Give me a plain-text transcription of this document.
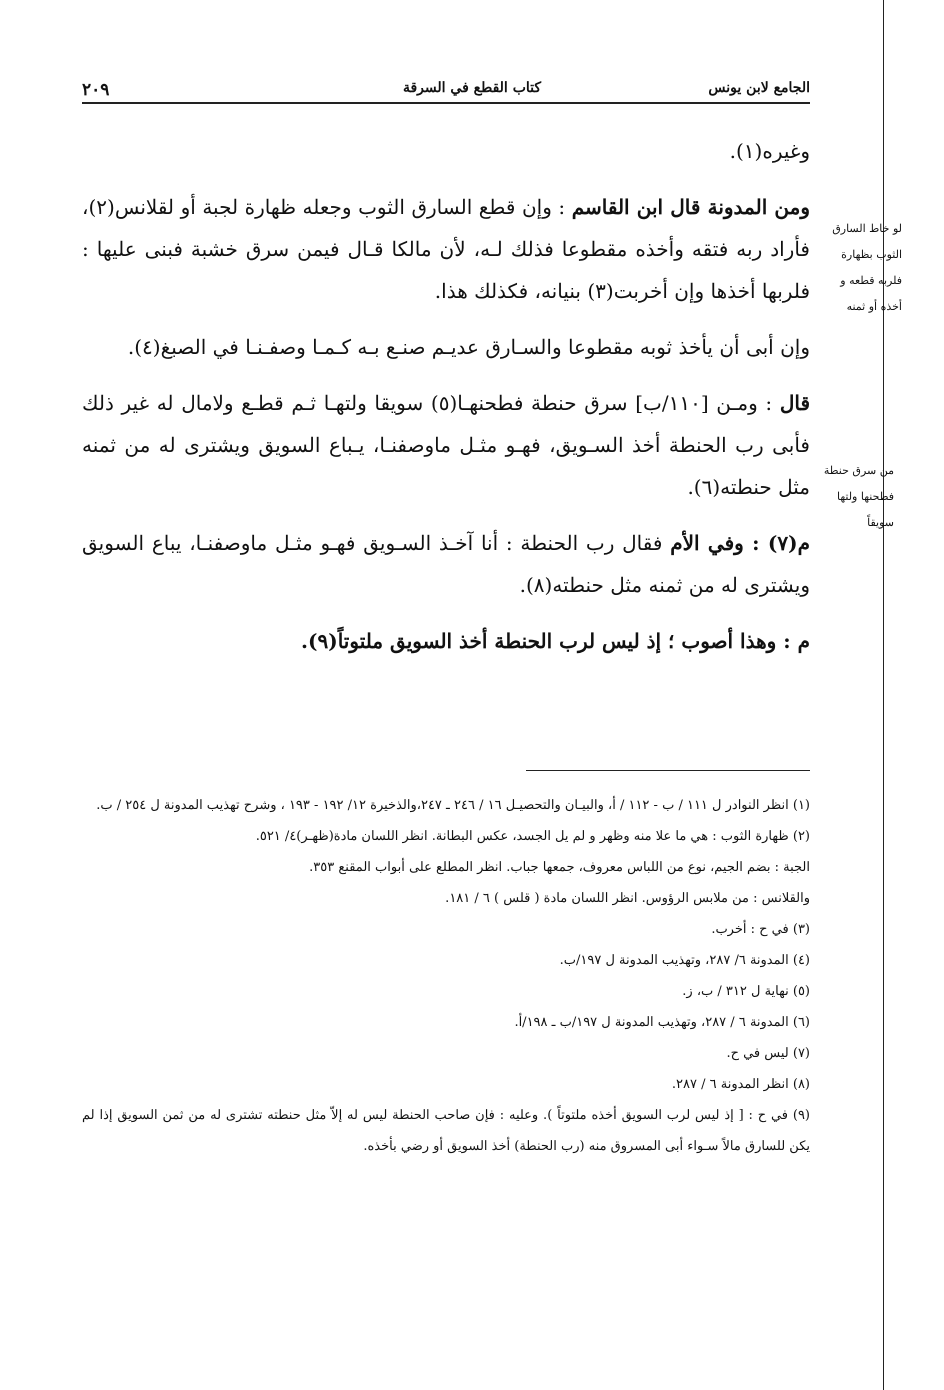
الجامع لابن يونس
كتاب القطع في السرقة
٢٠٩
لو خاط السارق الثوب بظهارة فلربه قطعه و أخذه أو ثمنه
من سرق حنطة فطحنها ولتها سويقاً

وغيره(١).

ومن المدونة قال ابن القاسم : وإن قطع السارق الثوب وجعله ظهارة لجبة أو لقلانس(٢)، فأراد ربه فتقه وأخذه مقطوعا فذلك لـه، لأن مالكا قـال فيمن سرق خشبة فبنى عليها : فلربها أخذها وإن أخربت(٣) بنيانه، فكذلك هذا.

وإن أبى أن يأخذ ثوبه مقطوعا والسـارق عديـم صنـع بـه كـمـا وصفـنـا في الصبغ(٤).

قال : ومـن [١١٠/ب] سرق حنطة فطحنهـا(٥) سويقا ولتهـا ثـم قطـع ولامال له غير ذلك فأبى رب الحنطة أخذ السـويق، فهـو مثـل ماوصفنـا، يـباع السويق ويشترى له من ثمنه مثل حنطته(٦).

م(٧) : وفي الأم فقال رب الحنطة : أنا آخـذ السـويق فهـو مثـل ماوصفنـا، يباع السويق ويشترى له من ثمنه مثل حنطته(٨).

م : وهذا أصوب ؛ إذ ليس لرب الحنطة أخذ السويق ملتوتاً(٩).

(١) انظر النوادر ل ١١١ / ب - ١١٢ / أ، والبيـان والتحصيـل ١٦ / ٢٤٦ ـ ٢٤٧،والذخيرة ١٢/ ١٩٢ - ١٩٣ ، وشرح تهذيب المدونة ل ٢٥٤ / ب.

(٢) ظهارة الثوب : هي ما علا منه وظهر و لم يل الجسد، عكس البطانة. انظر اللسان مادة(ظهـر)٤/ ٥٢١.

الجبة : بضم الجيم، نوع من اللباس معروف، جمعها جباب. انظر المطلع على أبواب المقنع ٣٥٣.

والقلانس : من ملابس الرؤوس. انظر اللسان مادة ( قلس ) ٦ / ١٨١.

(٣) في ح : أخرب.

(٤) المدونة ٦/ ٢٨٧، وتهذيب المدونة ل ١٩٧/ب.

(٥) نهاية ل ٣١٢ / ب، ز.

(٦) المدونة ٦ / ٢٨٧، وتهذيب المدونة ل ١٩٧/ب ـ ١٩٨/أ.

(٧) ليس في ح.

(٨) انظر المدونة ٦ / ٢٨٧.

(٩) في ح : [ إذ ليس لرب السويق أخذه ملتوتاً ). وعليه : فإن صاحب الحنطة ليس له إلاّ مثل حنطته تشترى له من ثمن السويق إذا لم يكن للسارق مالاً سـواء أبى المسروق منه (رب الحنطة) أخذ السويق أو رضي بأخذه.
